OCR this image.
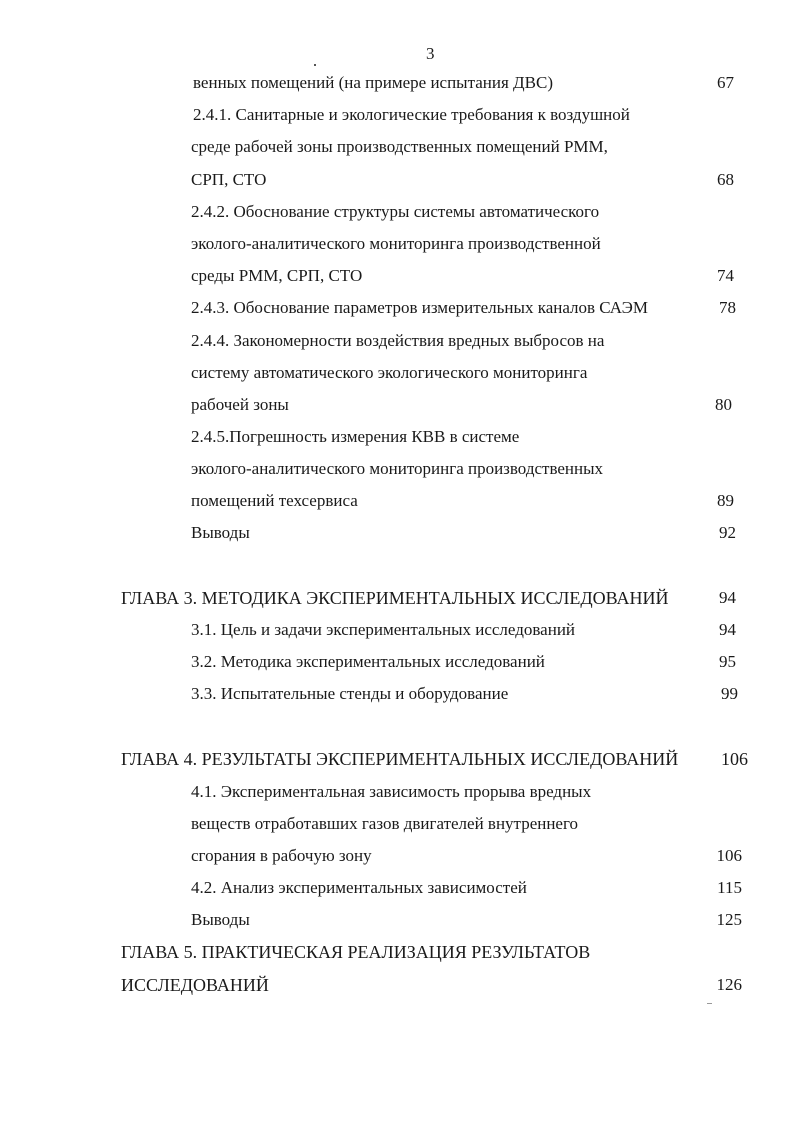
3
венных помещений (на примере испытания ДВС)	67
2.4.1. Санитарные и экологические требования к воздушной
среде рабочей зоны производственных помещений РММ,
СРП, СТО	68
2.4.2. Обоснование структуры системы автоматического
эколого-аналитического мониторинга производственной
среды РММ, СРП, СТО	74
2.4.3. Обоснование параметров измерительных каналов САЭМ	78
2.4.4. Закономерности воздействия вредных выбросов на
систему автоматического экологического мониторинга
рабочей зоны	80
2.4.5.Погрешность измерения КВВ в системе
эколого-аналитического мониторинга производственных
помещений техсервиса	89
Выводы	92
ГЛАВА 3. МЕТОДИКА ЭКСПЕРИМЕНТАЛЬНЫХ ИССЛЕДОВАНИЙ	94
3.1. Цель и задачи экспериментальных исследований	94
3.2. Методика экспериментальных исследований	95
3.3. Испытательные стенды и оборудование	99
ГЛАВА 4. РЕЗУЛЬТАТЫ ЭКСПЕРИМЕНТАЛЬНЫХ ИССЛЕДОВАНИЙ 106
4.1. Экспериментальная зависимость прорыва вредных
веществ отработавших газов двигателей внутреннего
сгорания в рабочую зону	106
4.2. Анализ экспериментальных зависимостей	115
Выводы	125
ГЛАВА 5. ПРАКТИЧЕСКАЯ РЕАЛИЗАЦИЯ РЕЗУЛЬТАТОВ
ИССЛЕДОВАНИЙ	126
